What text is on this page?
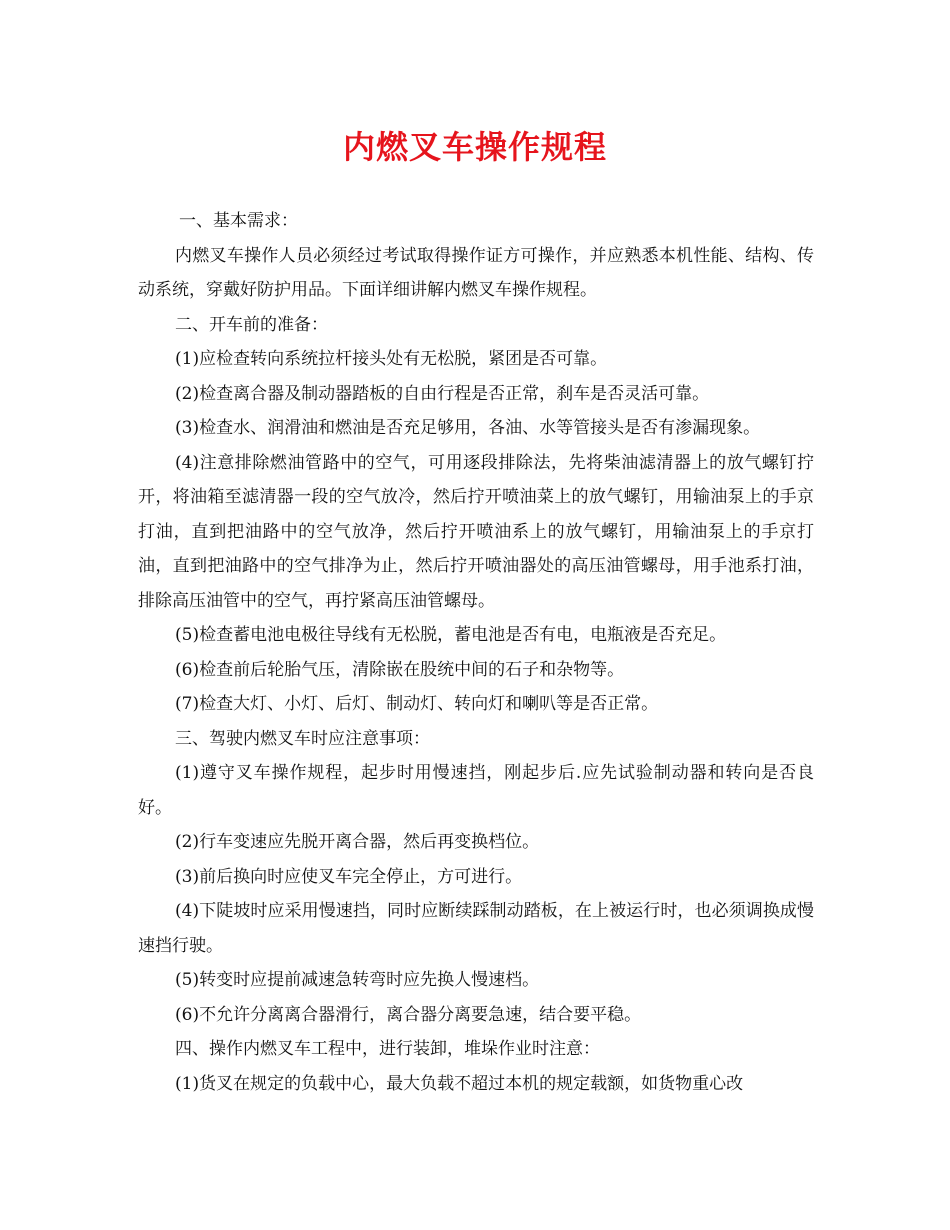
内燃叉车操作规程

一、基本需求：

内燃叉车操作人员必须经过考试取得操作证方可操作，并应熟悉本机性能、结构、传动系统，穿戴好防护用品。下面详细讲解内燃叉车操作规程。

二、开车前的准备：

(1)应检查转向系统拉杆接头处有无松脱，紧团是否可靠。

(2)检查离合器及制动器踏板的自由行程是否正常，刹车是否灵活可靠。

(3)检查水、润滑油和燃油是否充足够用，各油、水等管接头是否有渗漏现象。

(4)注意排除燃油管路中的空气，可用逐段排除法，先将柴油滤清器上的放气螺钉拧开，将油箱至滤清器一段的空气放冷，然后拧开喷油菜上的放气螺钉，用输油泵上的手京打油，直到把油路中的空气放净，然后拧开喷油系上的放气螺钉，用输油泵上的手京打油，直到把油路中的空气排净为止，然后拧开喷油器处的高压油管螺母，用手池系打油，排除高压油管中的空气，再拧紧高压油管螺母。

(5)检查蓄电池电极往导线有无松脱，蓄电池是否有电，电瓶液是否充足。

(6)检查前后轮胎气压，清除嵌在股统中间的石子和杂物等。

(7)检查大灯、小灯、后灯、制动灯、转向灯和喇叭等是否正常。

三、驾驶内燃叉车时应注意事项：

(1)遵守叉车操作规程，起步时用慢速挡，刚起步后.应先试验制动器和转向是否良好。

(2)行车变速应先脱开离合器，然后再变换档位。

(3)前后换向时应使叉车完全停止，方可进行。

(4)下陡坡时应采用慢速挡，同时应断续踩制动踏板，在上被运行时，也必须调换成慢速挡行驶。

(5)转变时应提前减速急转弯时应先换人慢速档。

(6)不允许分离离合器滑行，离合器分离要急速，结合要平稳。

四、操作内燃叉车工程中，进行装卸，堆垛作业时注意：

(1)货叉在规定的负载中心，最大负载不超过本机的规定载额，如货物重心改
